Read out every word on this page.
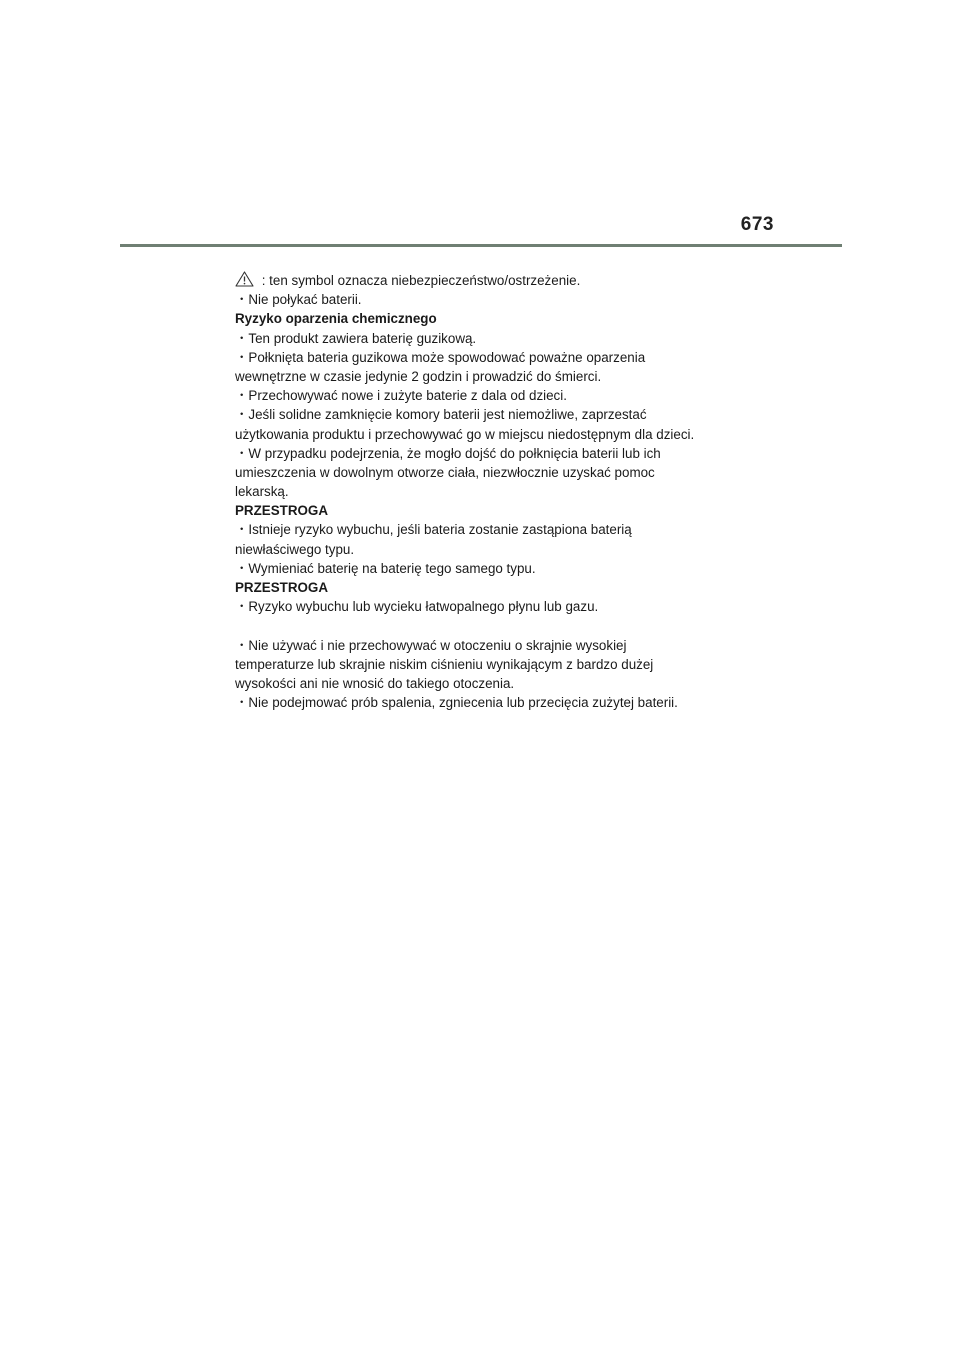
673

: ten symbol oznacza niebezpieczeństwo/ostrzeżenie.

・Nie połykać baterii.

Ryzyko oparzenia chemicznego

・Ten produkt zawiera baterię guzikową.

・Połknięta bateria guzikowa może spowodować poważne oparzenia

wewnętrzne w czasie jedynie 2 godzin i prowadzić do śmierci.

・Przechowywać nowe i zużyte baterie z dala od dzieci.

・Jeśli solidne zamknięcie komory baterii jest niemożliwe, zaprzestać

użytkowania produktu i przechowywać go w miejscu niedostępnym dla dzieci.

・W przypadku podejrzenia, że mogło dojść do połknięcia baterii lub ich

umieszczenia w dowolnym otworze ciała, niezwłocznie uzyskać pomoc

lekarską.

PRZESTROGA

・Istnieje ryzyko wybuchu, jeśli bateria zostanie zastąpiona baterią

niewłaściwego typu.

・Wymieniać baterię na baterię tego samego typu.

PRZESTROGA

・Ryzyko wybuchu lub wycieku łatwopalnego płynu lub gazu.

・Nie używać i nie przechowywać w otoczeniu o skrajnie wysokiej

temperaturze lub skrajnie niskim ciśnieniu wynikającym z bardzo dużej

wysokości ani nie wnosić do takiego otoczenia.

・Nie podejmować prób spalenia, zgniecenia lub przecięcia zużytej baterii.
